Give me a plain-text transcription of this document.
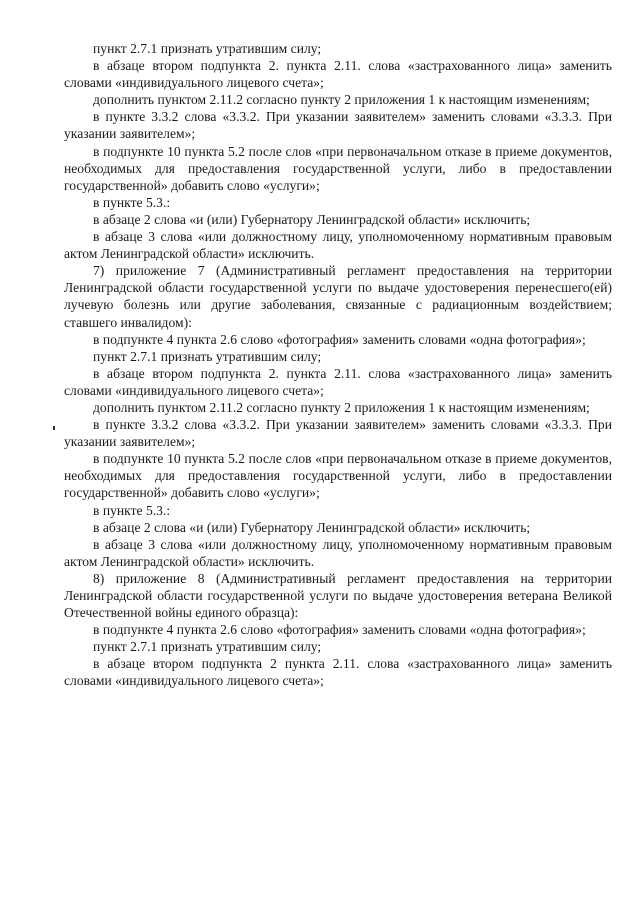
пункт 2.7.1 признать утратившим силу;

в абзаце втором подпункта 2. пункта 2.11. слова «застрахованного лица» заменить словами «индивидуального лицевого счета»;

дополнить пунктом 2.11.2 согласно пункту 2 приложения 1 к настоящим изменениям;

в пункте 3.3.2 слова «3.3.2. При указании заявителем» заменить словами «3.3.3. При указании заявителем»;

в подпункте 10 пункта 5.2 после слов «при первоначальном отказе в приеме документов, необходимых для предоставления государственной услуги, либо в предоставлении государственной» добавить слово «услуги»;

в пункте 5.3.:

в абзаце 2 слова «и (или) Губернатору Ленинградской области» исключить;

в абзаце 3 слова «или должностному лицу, уполномоченному нормативным правовым актом Ленинградской области» исключить.

7) приложение 7 (Административный регламент предоставления на территории Ленинградской области государственной услуги по выдаче удостоверения перенесшего(ей) лучевую болезнь или другие заболевания, связанные с радиационным воздействием; ставшего инвалидом):

в подпункте 4 пункта 2.6 слово «фотография» заменить словами «одна фотография»;

пункт 2.7.1 признать утратившим силу;

в абзаце втором подпункта 2. пункта 2.11. слова «застрахованного лица» заменить словами «индивидуального лицевого счета»;

дополнить пунктом 2.11.2 согласно пункту 2 приложения 1 к настоящим изменениям;

в пункте 3.3.2 слова «3.3.2. При указании заявителем» заменить словами «3.3.3. При указании заявителем»;

в подпункте 10 пункта 5.2 после слов «при первоначальном отказе в приеме документов, необходимых для предоставления государственной услуги, либо в предоставлении государственной» добавить слово «услуги»;

в пункте 5.3.:

в абзаце 2 слова «и (или) Губернатору Ленинградской области» исключить;

в абзаце 3 слова «или должностному лицу, уполномоченному нормативным правовым актом Ленинградской области» исключить.

8) приложение 8 (Административный регламент предоставления на территории Ленинградской области государственной услуги по выдаче удостоверения ветерана Великой Отечественной войны единого образца):

в подпункте 4 пункта 2.6 слово «фотография» заменить словами «одна фотография»;

пункт 2.7.1 признать утратившим силу;

в абзаце втором подпункта 2 пункта 2.11. слова «застрахованного лица» заменить словами «индивидуального лицевого счета»;
